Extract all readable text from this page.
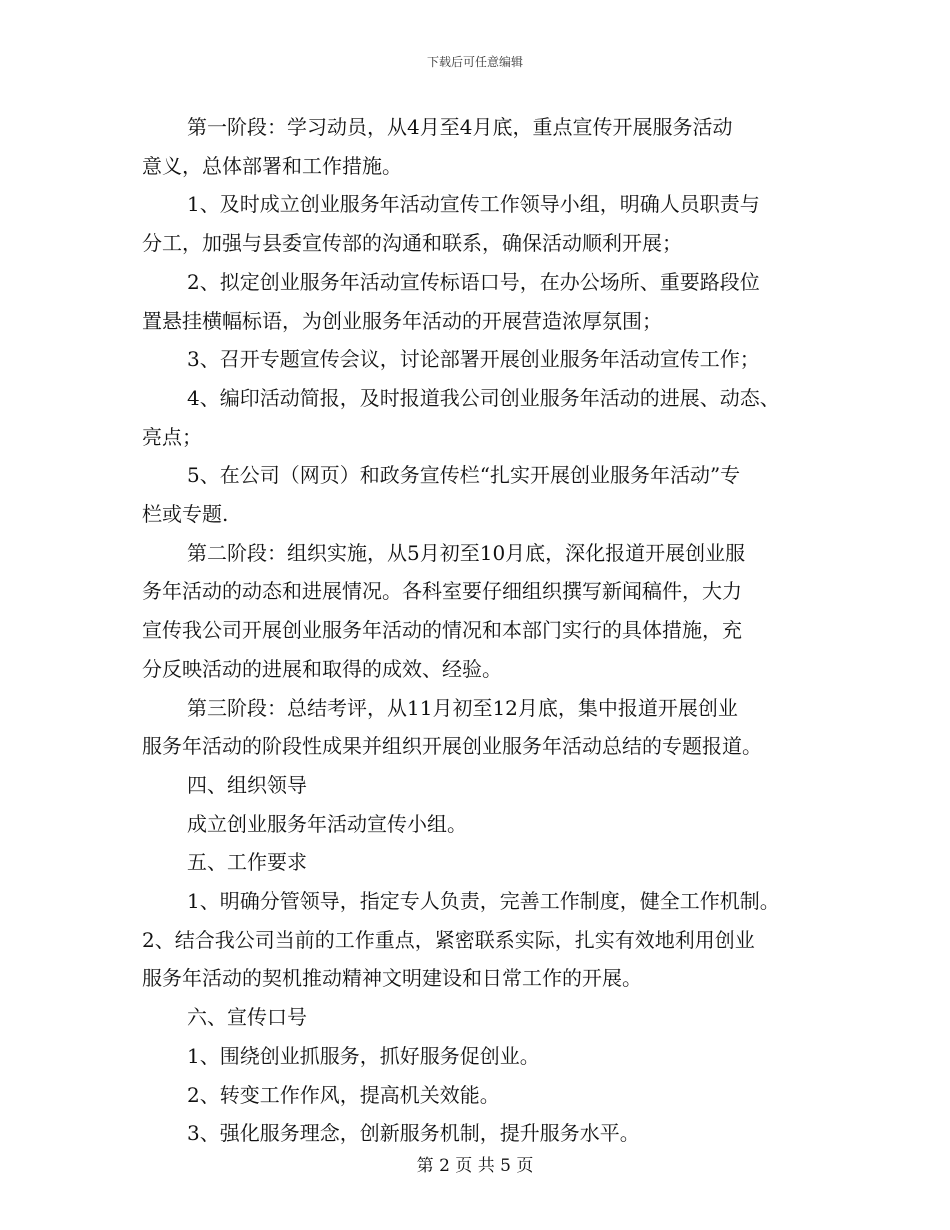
下载后可任意编辑

第一阶段：学习动员，从4月至4月底，重点宣传开展服务活动

意义，总体部署和工作措施。

1、及时成立创业服务年活动宣传工作领导小组，明确人员职责与

分工，加强与县委宣传部的沟通和联系，确保活动顺利开展；

2、拟定创业服务年活动宣传标语口号，在办公场所、重要路段位

置悬挂横幅标语，为创业服务年活动的开展营造浓厚氛围；

3、召开专题宣传会议，讨论部署开展创业服务年活动宣传工作；

4、编印活动简报，及时报道我公司创业服务年活动的进展、动态、

亮点；

5、在公司（网页）和政务宣传栏“扎实开展创业服务年活动”专

栏或专题.

第二阶段：组织实施，从5月初至10月底，深化报道开展创业服

务年活动的动态和进展情况。各科室要仔细组织撰写新闻稿件，大力

宣传我公司开展创业服务年活动的情况和本部门实行的具体措施，充

分反映活动的进展和取得的成效、经验。

第三阶段：总结考评，从11月初至12月底，集中报道开展创业

服务年活动的阶段性成果并组织开展创业服务年活动总结的专题报道。

四、组织领导

成立创业服务年活动宣传小组。

五、工作要求

1、明确分管领导，指定专人负责，完善工作制度，健全工作机制。

2、结合我公司当前的工作重点，紧密联系实际，扎实有效地利用创业

服务年活动的契机推动精神文明建设和日常工作的开展。

六、宣传口号

1、围绕创业抓服务，抓好服务促创业。

2、转变工作作风，提高机关效能。

3、强化服务理念，创新服务机制，提升服务水平。

第 2 页 共 5 页
